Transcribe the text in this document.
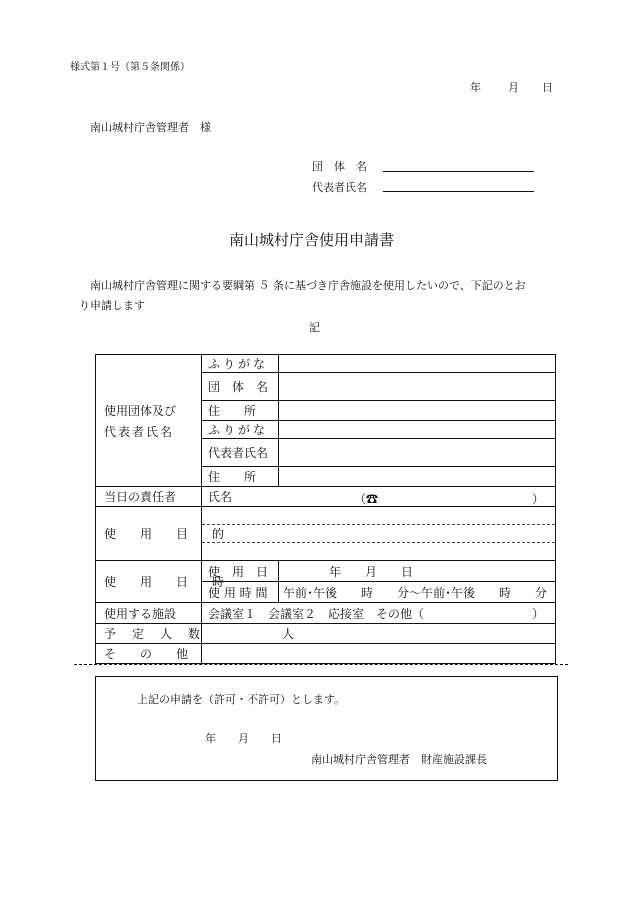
様式第１号（第５条関係）
年 月 日
南山城村庁舎管理者　様
団　体　名
代表者氏名
南山城村庁舎使用申請書
南山城村庁舎管理に関する要綱第 ５ 条に基づき庁舎施設を使用したいので、下記のとお
り申請します
記
使用団体及び
代表者氏名	ふりがな	
	団　体　名	
	住　　所	
	ふりがな	
	代表者氏名	
	住　　所	
当日の責任者	氏名 （☎ ）	

使　用　目　的		

使　用　日　時	使　用　日	年　　月　　日
	使 用 時 間	午前･午後　　時　　分～午前･午後　　時　　分
使用する施設	会議室１　会議室２　応接室　その他（　　　　　　　　　）	
予　定　人　数	人	
そ　　の　　他		
上記の申請を（許可・不許可）とします。
年　　月　　日
南山城村庁舎管理者　財産施設課長
